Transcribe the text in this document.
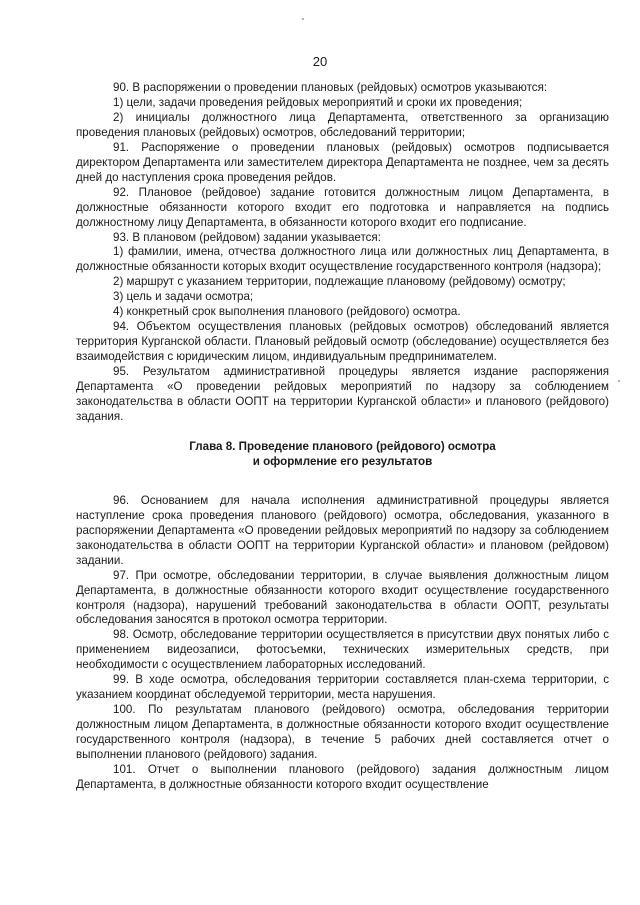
20

90. В распоряжении о проведении плановых (рейдовых) осмотров указываются:

1) цели, задачи проведения рейдовых мероприятий и сроки их проведения;

2) инициалы должностного лица Департамента, ответственного за организацию проведения плановых (рейдовых) осмотров, обследований территории;

91. Распоряжение о проведении плановых (рейдовых) осмотров подписывается директором Департамента или заместителем директора Департамента не позднее, чем за десять дней до наступления срока проведения рейдов.

92. Плановое (рейдовое) задание готовится должностным лицом Департамента, в должностные обязанности которого входит его подготовка и направляется на подпись должностному лицу Департамента, в обязанности которого входит его подписание.

93. В плановом (рейдовом) задании указывается:

1) фамилии, имена, отчества должностного лица или должностных лиц Департамента, в должностные обязанности которых входит осуществление государственного контроля (надзора);

2) маршрут с указанием территории, подлежащие плановому (рейдовому) осмотру;

3) цель и задачи осмотра;

4) конкретный срок выполнения планового (рейдового) осмотра.

94. Объектом осуществления плановых (рейдовых осмотров) обследований является территория Курганской области. Плановый рейдовый осмотр (обследование) осуществляется без взаимодействия с юридическим лицом, индивидуальным предпринимателем.

95. Результатом административной процедуры является издание распоряжения Департамента «О проведении рейдовых мероприятий по надзору за соблюдением законодательства в области ООПТ на территории Курганской области» и планового (рейдового) задания.

Глава 8. Проведение планового (рейдового) осмотра
и оформление его результатов

96. Основанием для начала исполнения административной процедуры является наступление срока проведения планового (рейдового) осмотра, обследования, указанного в распоряжении Департамента «О проведении рейдовых мероприятий по надзору за соблюдением законодательства в области ООПТ на территории Курганской области» и плановом (рейдовом) задании.

97. При осмотре, обследовании территории, в случае выявления должностным лицом Департамента, в должностные обязанности которого входит осуществление государственного контроля (надзора), нарушений требований законодательства в области ООПТ, результаты обследования заносятся в протокол осмотра территории.

98. Осмотр, обследование территории осуществляется в присутствии двух понятых либо с применением видеозаписи, фотосъемки, технических измерительных средств, при необходимости с осуществлением лабораторных исследований.

99. В ходе осмотра, обследования территории составляется план-схема территории, с указанием координат обследуемой территории, места нарушения.

100. По результатам планового (рейдового) осмотра, обследования территории должностным лицом Департамента, в должностные обязанности которого входит осуществление государственного контроля (надзора), в течение 5 рабочих дней составляется отчет о выполнении планового (рейдового) задания.

101. Отчет о выполнении планового (рейдового) задания должностным лицом Департамента, в должностные обязанности которого входит осуществление
